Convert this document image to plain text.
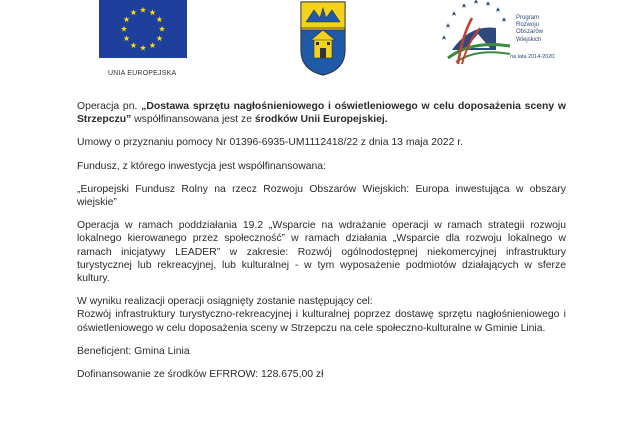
UNIA EUROPEJSKA
Program
Rozwoju
Obszarów
Wiejskich
na lata 2014-2020

Operacja pn. „Dostawa sprzętu nagłośnieniowego i oświetleniowego w celu doposażenia sceny w Strzepczu” współfinansowana jest ze środków Unii Europejskiej.

Umowy o przyznaniu pomocy Nr 01396-6935-UM1112418/22 z dnia 13 maja 2022 r.

Fundusz, z którego inwestycja jest współfinansowana:

„Europejski Fundusz Rolny na rzecz Rozwoju Obszarów Wiejskich: Europa inwestująca w obszary wiejskie”

Operacja w ramach poddziałania 19.2 „Wsparcie na wdrażanie operacji w ramach strategii rozwoju lokalnego kierowanego przez społeczność” w ramach działania „Wsparcie dla rozwoju lokalnego w ramach inicjatywy LEADER” w zakresie: Rozwój ogólnodostępnej niekomercyjnej infrastruktury turystycznej lub rekreacyjnej, lub kulturalnej - w tym wyposażenie podmiotów działających w sferze kultury.

W wyniku realizacji operacji osiągnięty zostanie następujący cel:

Rozwój infrastruktury turystyczno-rekreacyjnej i kulturalnej poprzez dostawę sprzętu nagłośnieniowego i oświetleniowego w celu doposażenia sceny w Strzepczu na cele społeczno-kulturalne w Gminie Linia.

Beneficjent: Gmina Linia

Dofinansowanie ze środków EFRROW: 128.675,00 zł
